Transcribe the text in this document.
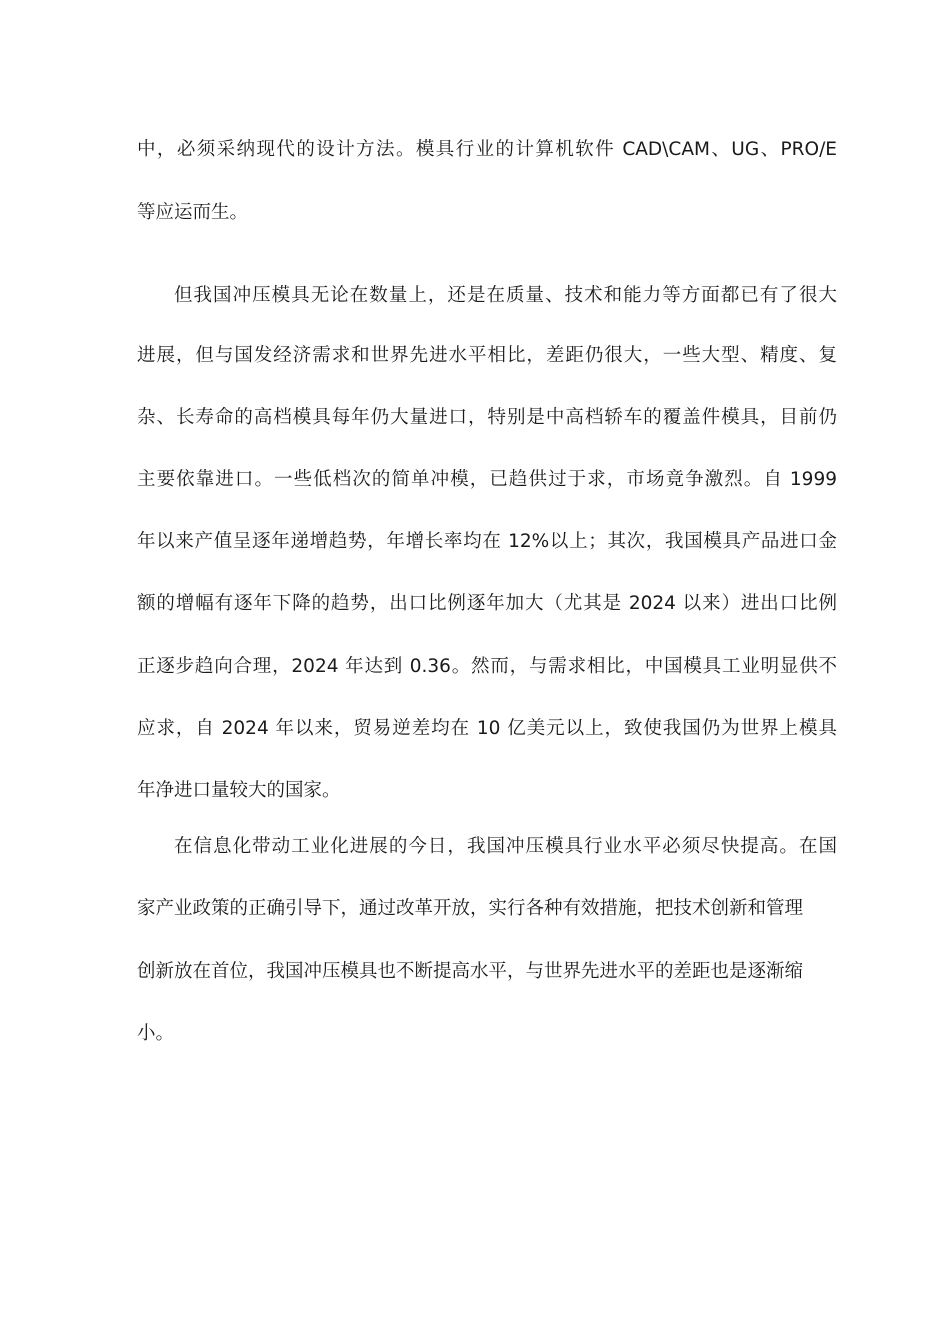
中，必须采纳现代的设计方法。模具行业的计算机软件 CAD\CAM、UG、PRO/E
等应运而生。
但我国冲压模具无论在数量上，还是在质量、技术和能力等方面都已有了很大
进展，但与国发经济需求和世界先进水平相比，差距仍很大，一些大型、精度、复
杂、长寿命的高档模具每年仍大量进口，特别是中高档轿车的覆盖件模具，目前仍
主要依靠进口。一些低档次的简单冲模，已趋供过于求，市场竟争激烈。自 1999
年以来产值呈逐年递增趋势，年增长率均在 12%以上；其次，我国模具产品进口金
额的增幅有逐年下降的趋势，出口比例逐年加大（尤其是 2024 以来）进出口比例
正逐步趋向合理，2024 年达到 0.36。然而，与需求相比，中国模具工业明显供不
应求，自 2024 年以来，贸易逆差均在 10 亿美元以上，致使我国仍为世界上模具
年净进口量较大的国家。
在信息化带动工业化进展的今日，我国冲压模具行业水平必须尽快提高。在国
家产业政策的正确引导下，通过改革开放，实行各种有效措施，把技术创新和管理
创新放在首位，我国冲压模具也不断提高水平，与世界先进水平的差距也是逐渐缩
小。
